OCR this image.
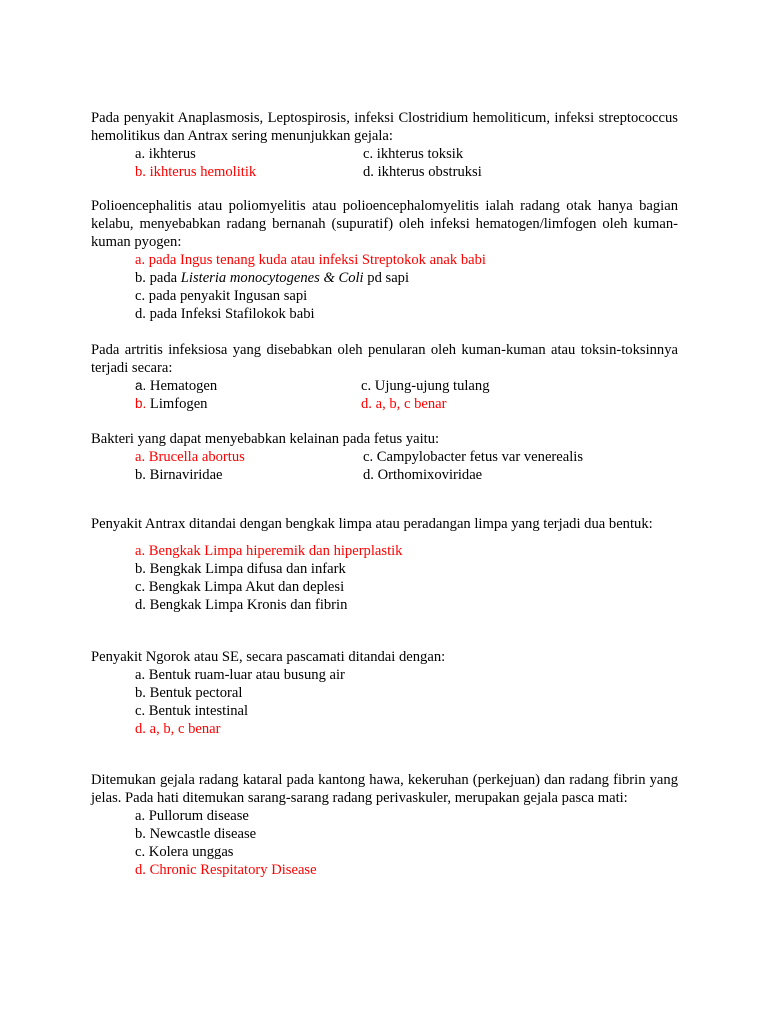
Pada penyakit Anaplasmosis, Leptospirosis, infeksi Clostridium hemoliticum, infeksi streptococcus hemolitikus dan Antrax sering menunjukkan gejala:

a. ikhterus	c. ikhterus toksik
b. ikhterus hemolitik	d. ikhterus obstruksi

Polioencephalitis atau poliomyelitis atau polioencephalomyelitis ialah radang otak hanya bagian kelabu, menyebabkan radang bernanah (supuratif) oleh infeksi hematogen/limfogen oleh kuman-kuman pyogen:

a. pada Ingus tenang kuda atau infeksi Streptokok anak babi
b. pada Listeria monocytogenes & Coli pd sapi
c. pada penyakit Ingusan sapi
d. pada Infeksi Stafilokok babi

Pada artritis infeksiosa yang disebabkan oleh penularan oleh kuman-kuman atau toksin-toksinnya terjadi secara:

a. Hematogen	c. Ujung-ujung tulang
b. Limfogen	d. a, b, c benar

Bakteri yang dapat menyebabkan kelainan pada fetus yaitu:

a. Brucella abortus	c. Campylobacter fetus var venerealis
b. Birnaviridae	d. Orthomixoviridae

Penyakit Antrax ditandai dengan bengkak limpa atau peradangan limpa yang terjadi dua bentuk:

a. Bengkak Limpa hiperemik dan hiperplastik
b. Bengkak Limpa difusa dan infark
c. Bengkak Limpa Akut dan deplesi
d. Bengkak Limpa Kronis dan fibrin

Penyakit Ngorok atau SE, secara pascamati ditandai dengan:

a. Bentuk ruam-luar atau busung air
b. Bentuk pectoral
c. Bentuk intestinal
d. a, b, c benar

Ditemukan gejala radang kataral pada kantong hawa, kekeruhan (perkejuan) dan radang fibrin yang jelas. Pada hati ditemukan sarang-sarang radang perivaskuler, merupakan gejala pasca mati:

a. Pullorum disease
b. Newcastle disease
c. Kolera unggas
d. Chronic Respitatory Disease
